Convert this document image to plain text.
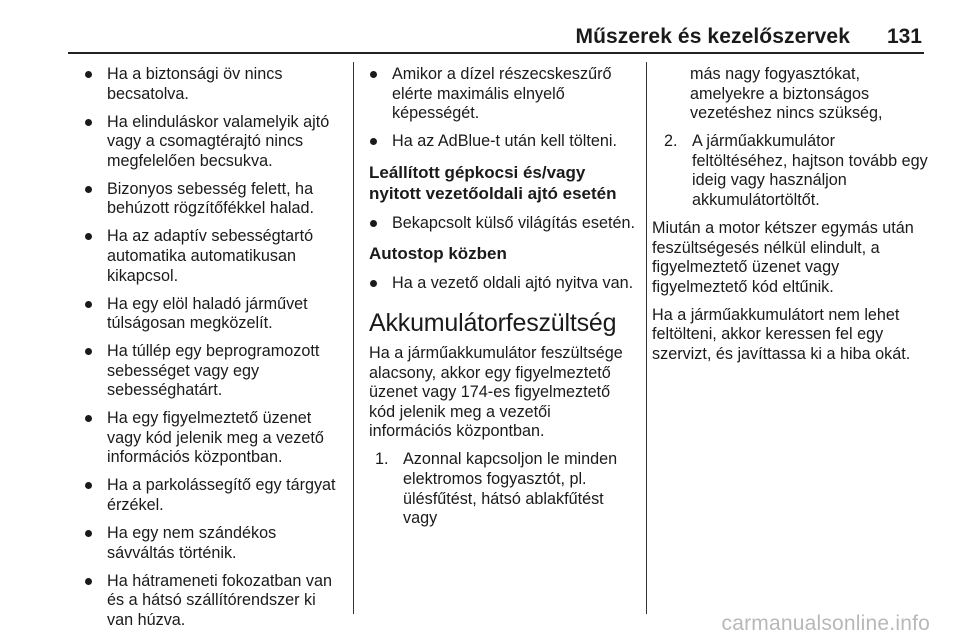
Műszerek és kezelőszervek 131
Ha a biztonsági öv nincs becsatolva.
Ha elinduláskor valamelyik ajtó vagy a csomagtérajtó nincs megfelelően becsukva.
Bizonyos sebesség felett, ha behúzott rögzítőfékkel halad.
Ha az adaptív sebességtartó automatika automatikusan kikapcsol.
Ha egy elöl haladó járművet túlságosan megközelít.
Ha túllép egy beprogramozott sebességet vagy egy sebességhatárt.
Ha egy figyelmeztető üzenet vagy kód jelenik meg a vezető információs központban.
Ha a parkolássegítő egy tárgyat érzékel.
Ha egy nem szándékos sávváltás történik.
Ha hátrameneti fokozatban van és a hátsó szállítórendszer ki van húzva.
Amikor a dízel részecskeszűrő elérte maximális elnyelő képességét.
Ha az AdBlue-t után kell tölteni.
Leállított gépkocsi és/vagy nyitott vezetőoldali ajtó esetén
Bekapcsolt külső világítás esetén.
Autostop közben
Ha a vezető oldali ajtó nyitva van.
Akkumulátorfeszültség
Ha a járműakkumulátor feszültsége alacsony, akkor egy figyelmeztető üzenet vagy 174-es figyelmeztető kód jelenik meg a vezetői információs központban.
1. Azonnal kapcsoljon le minden elektromos fogyasztót, pl. ülésfűtést, hátsó ablakfűtést vagy
más nagy fogyasztókat, amelyekre a biztonságos vezetéshez nincs szükség,
2. A járműakkumulátor feltöltéséhez, hajtson tovább egy ideig vagy használjon akkumulátortöltőt.
Miután a motor kétszer egymás után feszültségesés nélkül elindult, a figyelmeztető üzenet vagy figyelmeztető kód eltűnik.
Ha a járműakkumulátort nem lehet feltölteni, akkor keressen fel egy szervizt, és javíttassa ki a hiba okát.
carmanualsonline.info
